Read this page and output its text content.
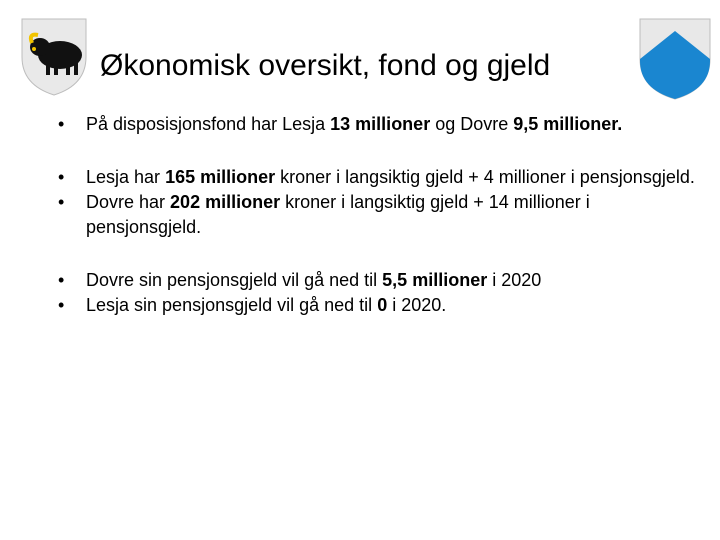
Økonomisk oversikt, fond og gjeld
• På disposisjonsfond har Lesja 13 millioner og Dovre 9,5 millioner.
• Lesja har 165 millioner kroner i langsiktig gjeld + 4 millioner i pensjonsgjeld.
• Dovre har 202 millioner kroner i langsiktig gjeld + 14 millioner i pensjonsgjeld.
• Dovre sin pensjonsgjeld vil gå ned til 5,5 millioner i 2020
• Lesja sin pensjonsgjeld vil gå ned til 0 i 2020.
